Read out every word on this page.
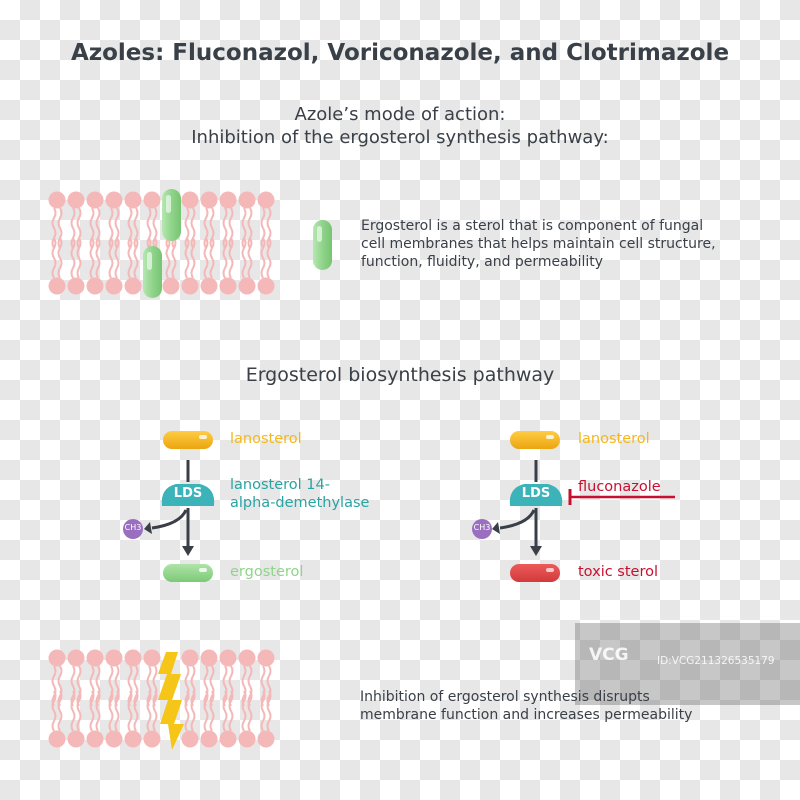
Azoles: Fluconazol, Voriconazole, and Clotrimazole
Azole’s mode of action:
Inhibition of the ergosterol synthesis pathway:
Ergosterol is a sterol that is component of fungal
cell membranes that helps maintain cell structure,
function, fluidity, and permeability
Ergosterol biosynthesis pathway
lanosterol
LDS
lanosterol 14-
alpha-demethylase
CH3
ergosterol
lanosterol
LDS	fluconazole
CH3
toxic sterol
VCG	ID:VCG211326535179
Inhibition of ergosterol synthesis disrupts
membrane function and increases permeability
